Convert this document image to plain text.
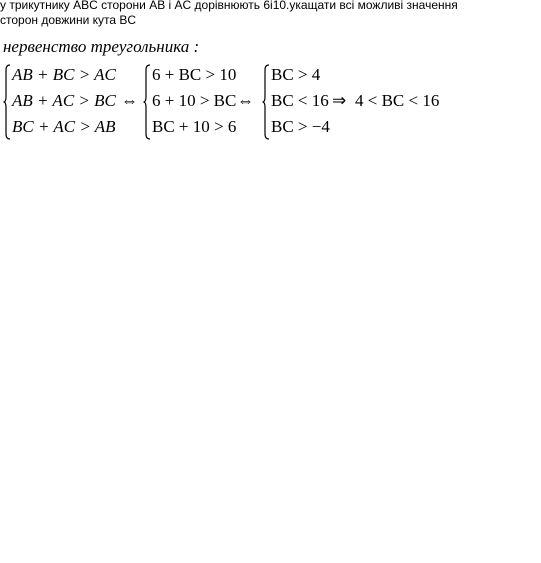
у трикутнику ABC сторони AB і AC дорівнюють 6і10.укащати всі можливі значення
сторон довжини кута BC
нервенство треугольника :
AB + BC > AC
AB + AC > BC
BC + AC > AB
⇔
6 + BC > 10
6 + 10 > BC
BC + 10 > 6
⇔
BC > 4
BC < 16
BC > −4
⇒ 4 < BC < 16
